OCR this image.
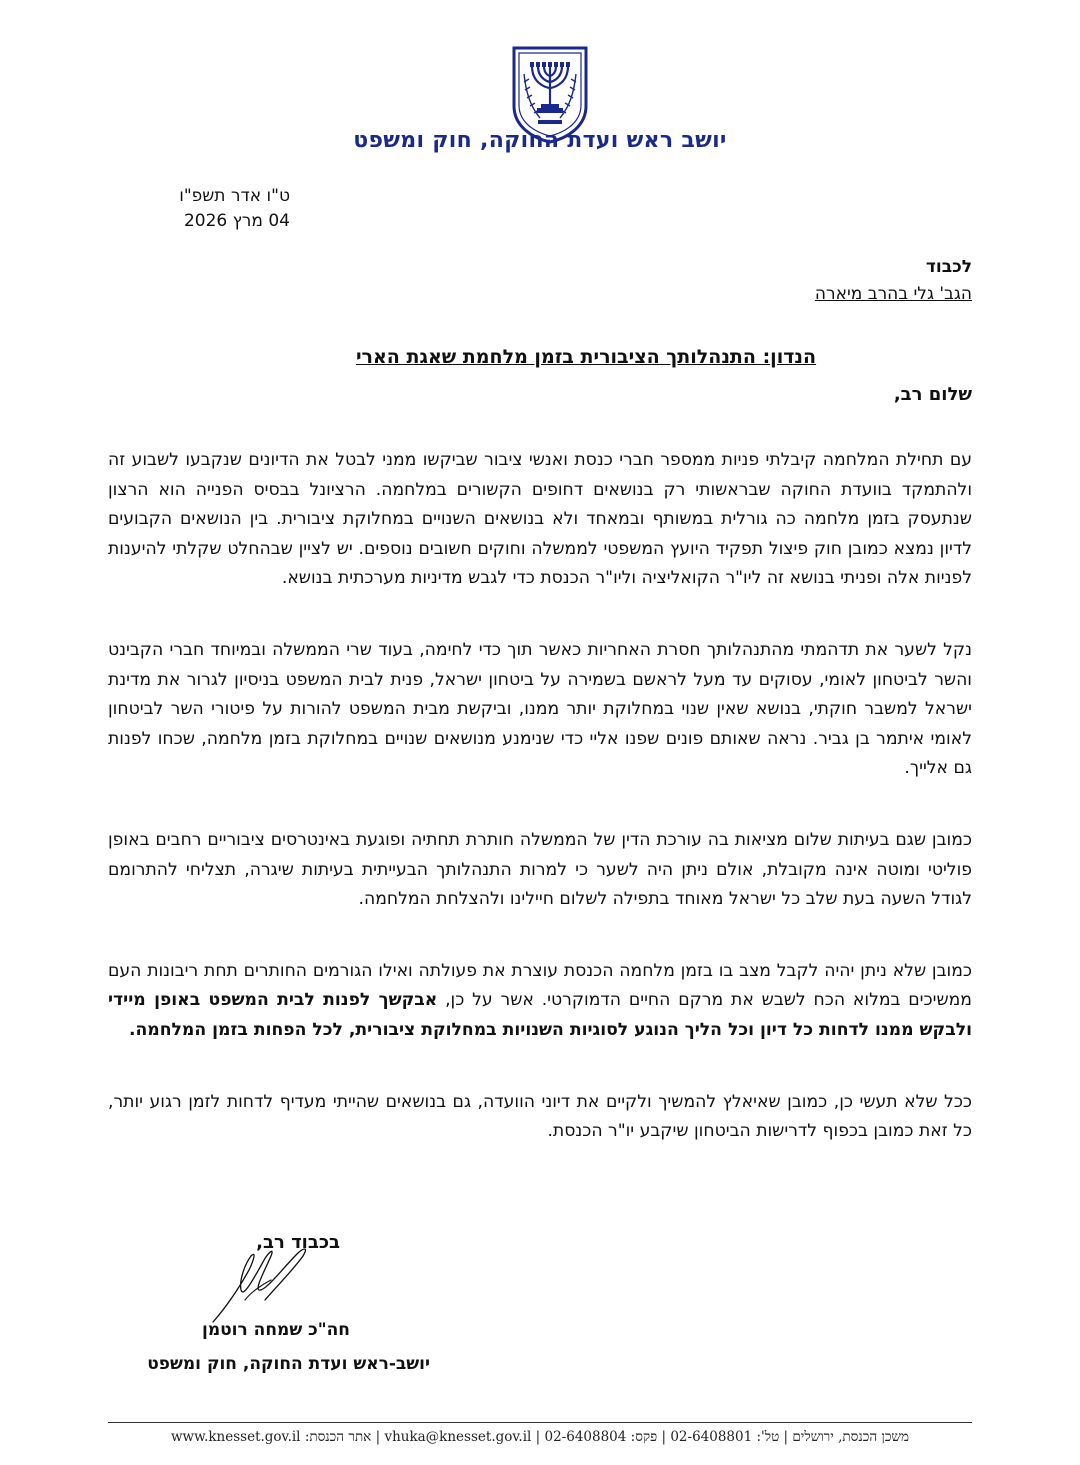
יושב ראש ועדת החוקה, חוק ומשפט
ט"ו אדר תשפ"ו
04 מרץ 2026
לכבוד
הגב' גלי בהרב מיארה
הנדון: התנהלותך הציבורית בזמן מלחמת שאגת הארי
שלום רב,

עם תחילת המלחמה קיבלתי פניות ממספר חברי כנסת ואנשי ציבור שביקשו ממני לבטל את הדיונים שנקבעו לשבוע זה ולהתמקד בוועדת החוקה שבראשותי רק בנושאים דחופים הקשורים במלחמה. הרציונל בבסיס הפנייה הוא הרצון שנתעסק בזמן מלחמה כה גורלית במשותף ובמאחד ולא בנושאים השנויים במחלוקת ציבורית. בין הנושאים הקבועים לדיון נמצא כמובן חוק פיצול תפקיד היועץ המשפטי לממשלה וחוקים חשובים נוספים. יש לציין שבהחלט שקלתי להיענות לפניות אלה ופניתי בנושא זה ליו"ר הקואליציה וליו"ר הכנסת כדי לגבש מדיניות מערכתית בנושא.

נקל לשער את תדהמתי מהתנהלותך חסרת האחריות כאשר תוך כדי לחימה, בעוד שרי הממשלה ובמיוחד חברי הקבינט והשר לביטחון לאומי, עסוקים עד מעל לראשם בשמירה על ביטחון ישראל, פנית לבית המשפט בניסיון לגרור את מדינת ישראל למשבר חוקתי, בנושא שאין שנוי במחלוקת יותר ממנו, וביקשת מבית המשפט להורות על פיטורי השר לביטחון לאומי איתמר בן גביר. נראה שאותם פונים שפנו אליי כדי שנימנע מנושאים שנויים במחלוקת בזמן מלחמה, שכחו לפנות גם אלייך.

כמובן שגם בעיתות שלום מציאות בה עורכת הדין של הממשלה חותרת תחתיה ופוגעת באינטרסים ציבוריים רחבים באופן פוליטי ומוטה אינה מקובלת, אולם ניתן היה לשער כי למרות התנהלותך הבעייתית בעיתות שיגרה, תצליחי להתרומם לגודל השעה בעת שלב כל ישראל מאוחד בתפילה לשלום חיילינו ולהצלחת המלחמה.

כמובן שלא ניתן יהיה לקבל מצב בו בזמן מלחמה הכנסת עוצרת את פעולתה ואילו הגורמים החותרים תחת ריבונות העם ממשיכים במלוא הכח לשבש את מרקם החיים הדמוקרטי. אשר על כן, אבקשך לפנות לבית המשפט באופן מיידי ולבקש ממנו לדחות כל דיון וכל הליך הנוגע לסוגיות השנויות במחלוקת ציבורית, לכל הפחות בזמן המלחמה.

ככל שלא תעשי כן, כמובן שאיאלץ להמשיך ולקיים את דיוני הוועדה, גם בנושאים שהייתי מעדיף לדחות לזמן רגוע יותר, כל זאת כמובן בכפוף לדרישות הביטחון שיקבע יו"ר הכנסת.

בכבוד רב,
חה"כ שמחה רוטמן
יושב-ראש ועדת החוקה, חוק ומשפט
משכן הכנסת, ירושלים | טל': 02-6408801 | פקס: 02-6408804 | vhuka@knesset.gov.il | אתר הכנסת: www.knesset.gov.il
